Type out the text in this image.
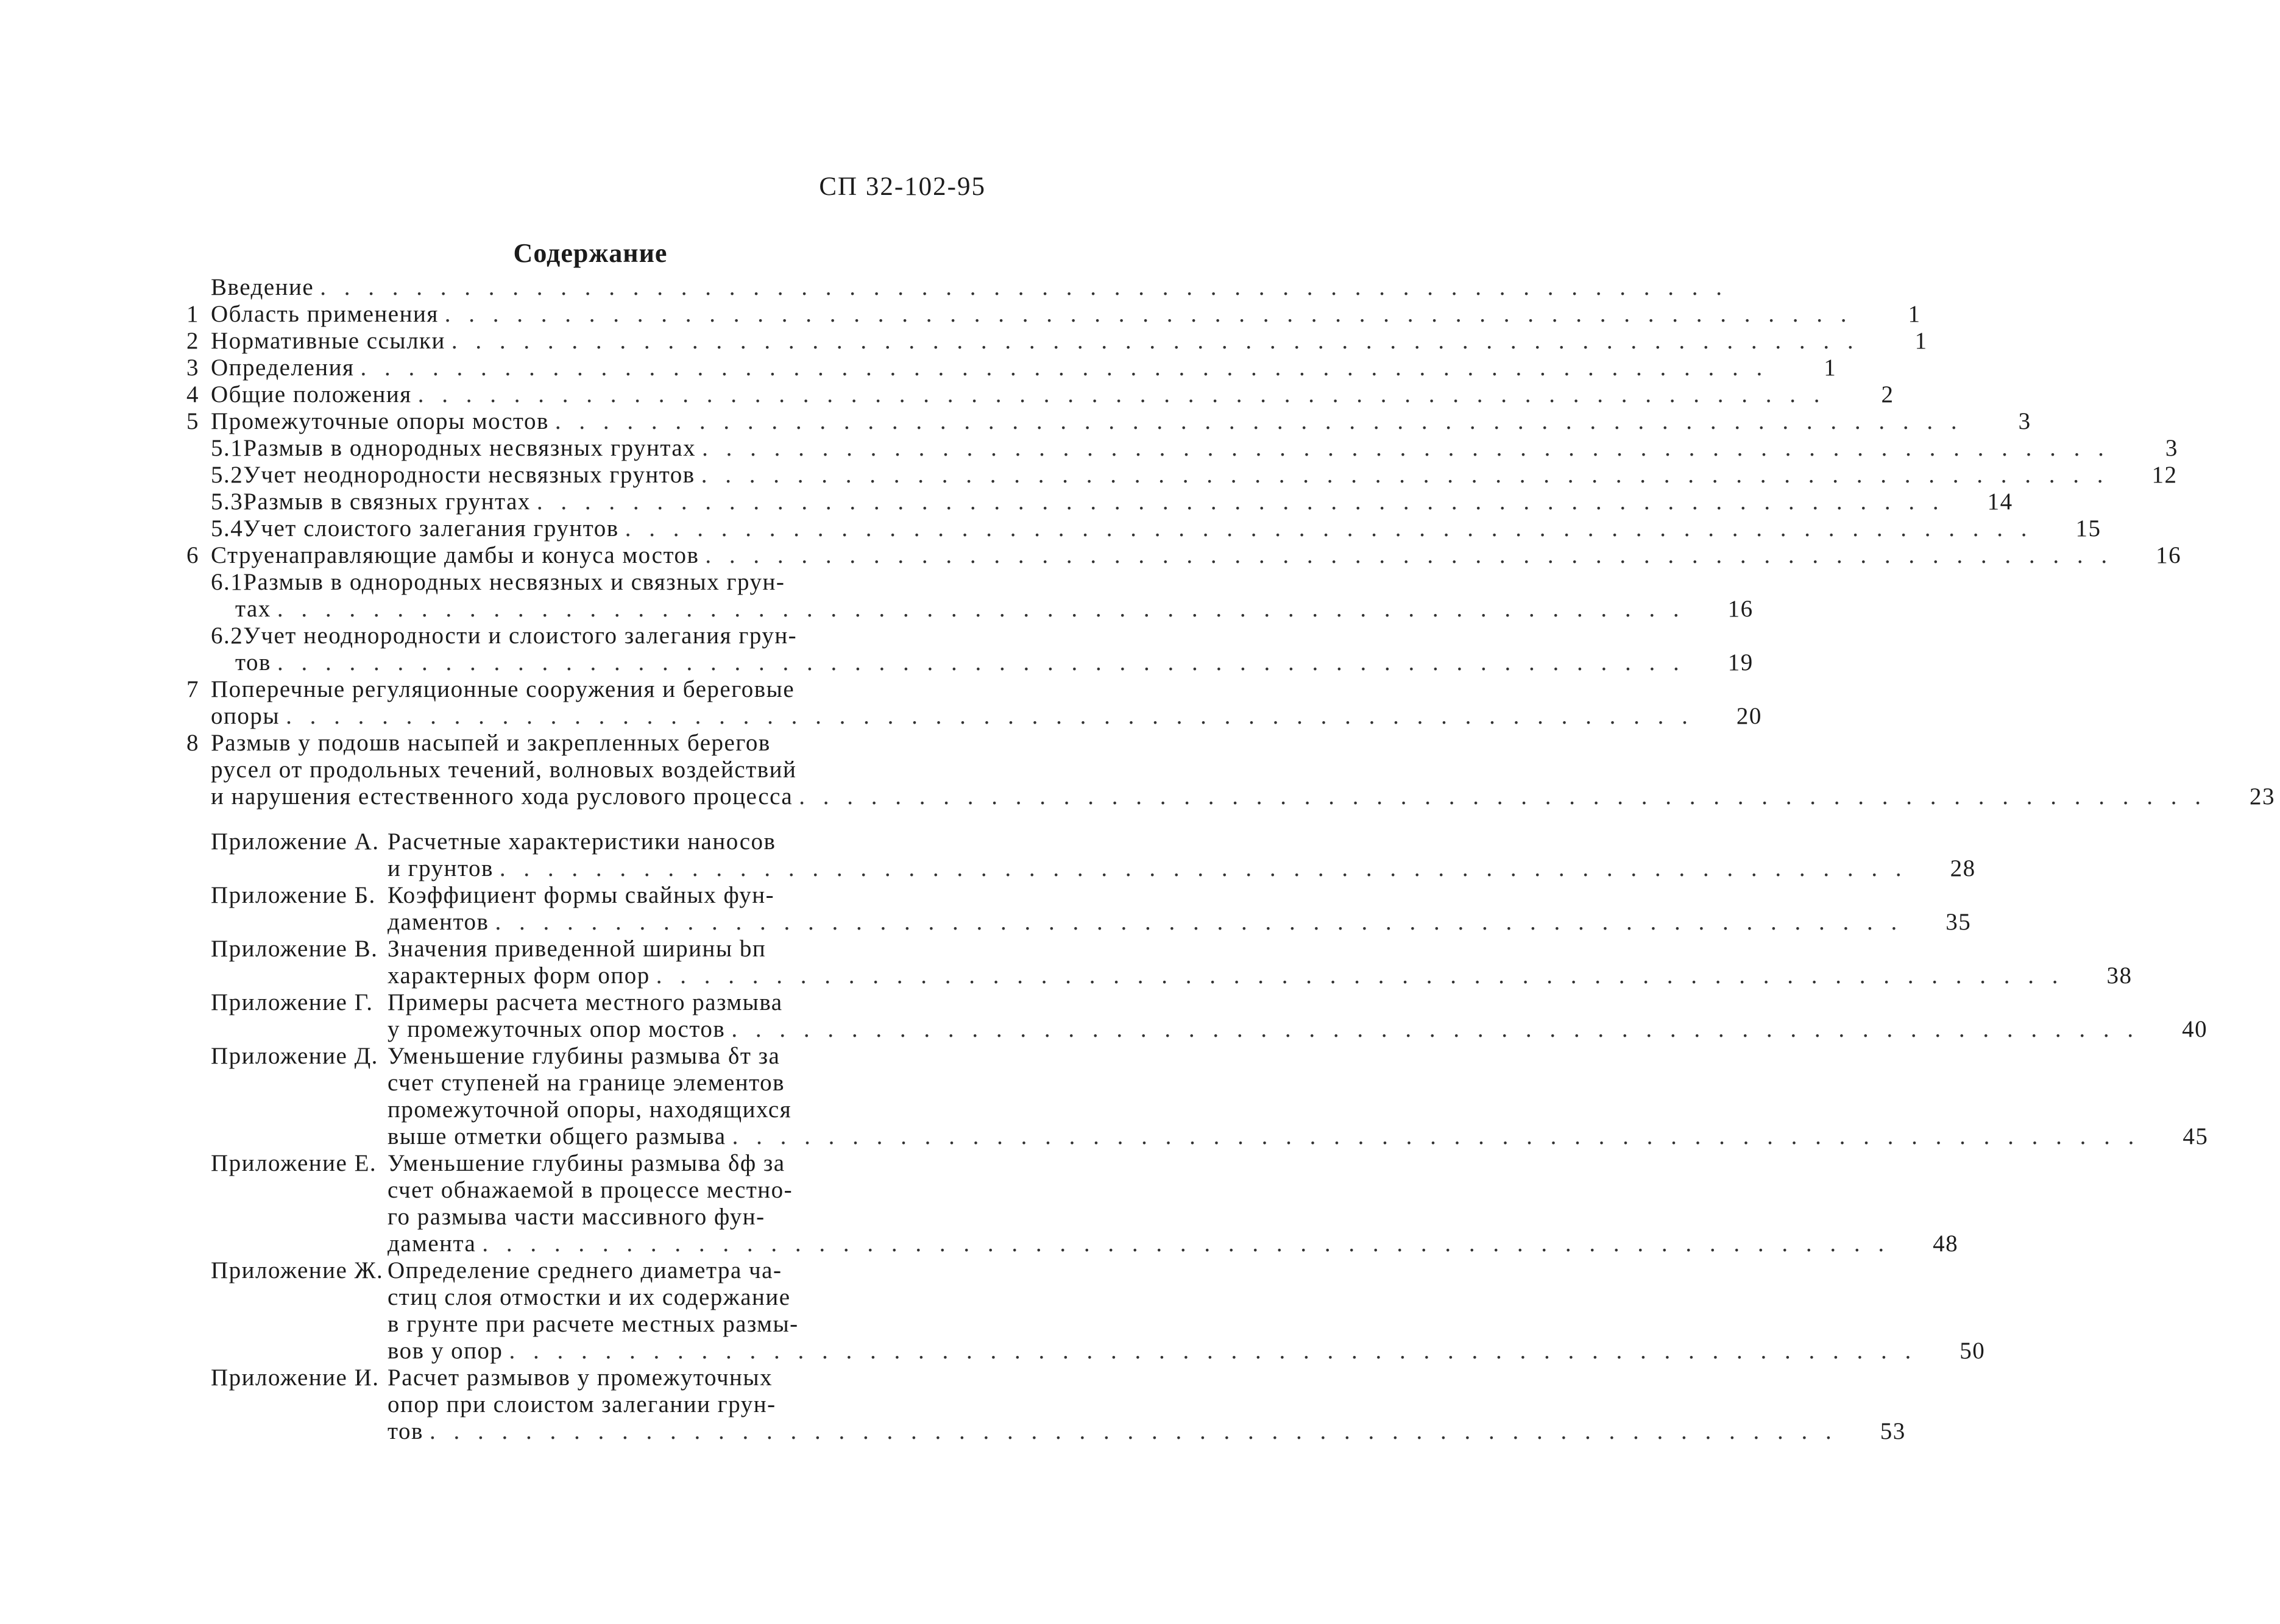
СП 32-102-95
Содержание
Введение
. . .
1 Область применения . . .	1
2 Нормативные ссылки . . .	1
3 Определения . . .	1
4 Общие положения . . .	2
5 Промежуточные опоры мостов . . .	3
5.1 Размыв в однородных несвязных грунтах . . .	3
5.2 Учет неоднородности несвязных грунтов . . .	12
5.3 Размыв в связных грунтах . . .	14
5.4 Учет слоистого залегания грунтов . . .	15
6 Струенаправляющие дамбы и конуса мостов . . .	16
6.1 Размыв в однородных несвязных и связных грун-
тах . . .	16
6.2 Учет неоднородности и слоистого залегания грун-
тов . . .	19
7 Поперечные регуляционные сооружения и береговые
опоры . . .	20
8 Размыв у подошв насыпей и закрепленных берегов
русел от продольных течений, волновых воздействий
и нарушения естественного хода руслового процесса . . .	23
Приложение А. Расчетные характеристики наносов
и грунтов . . .	28
Приложение Б. Коэффициент формы свайных фун-
даментов . . .	35
Приложение В. Значения приведенной ширины bп
характерных форм опор . . .	38
Приложение Г. Примеры расчета местного размыва
у промежуточных опор мостов . . .	40
Приложение Д. Уменьшение глубины размыва δт за
счет ступеней на границе элементов
промежуточной опоры, находящихся
выше отметки общего размыва . . .	45
Приложение Е. Уменьшение глубины размыва δф за
счет обнажаемой в процессе местно-
го размыва части массивного фун-
дамента . . .	48
Приложение Ж. Определение среднего диаметра ча-
стиц слоя отмостки и их содержание
в грунте при расчете местных размы-
вов у опор . . .	50
Приложение И. Расчет размывов у промежуточных
опор при слоистом залегании грун-
тов . . .	53
